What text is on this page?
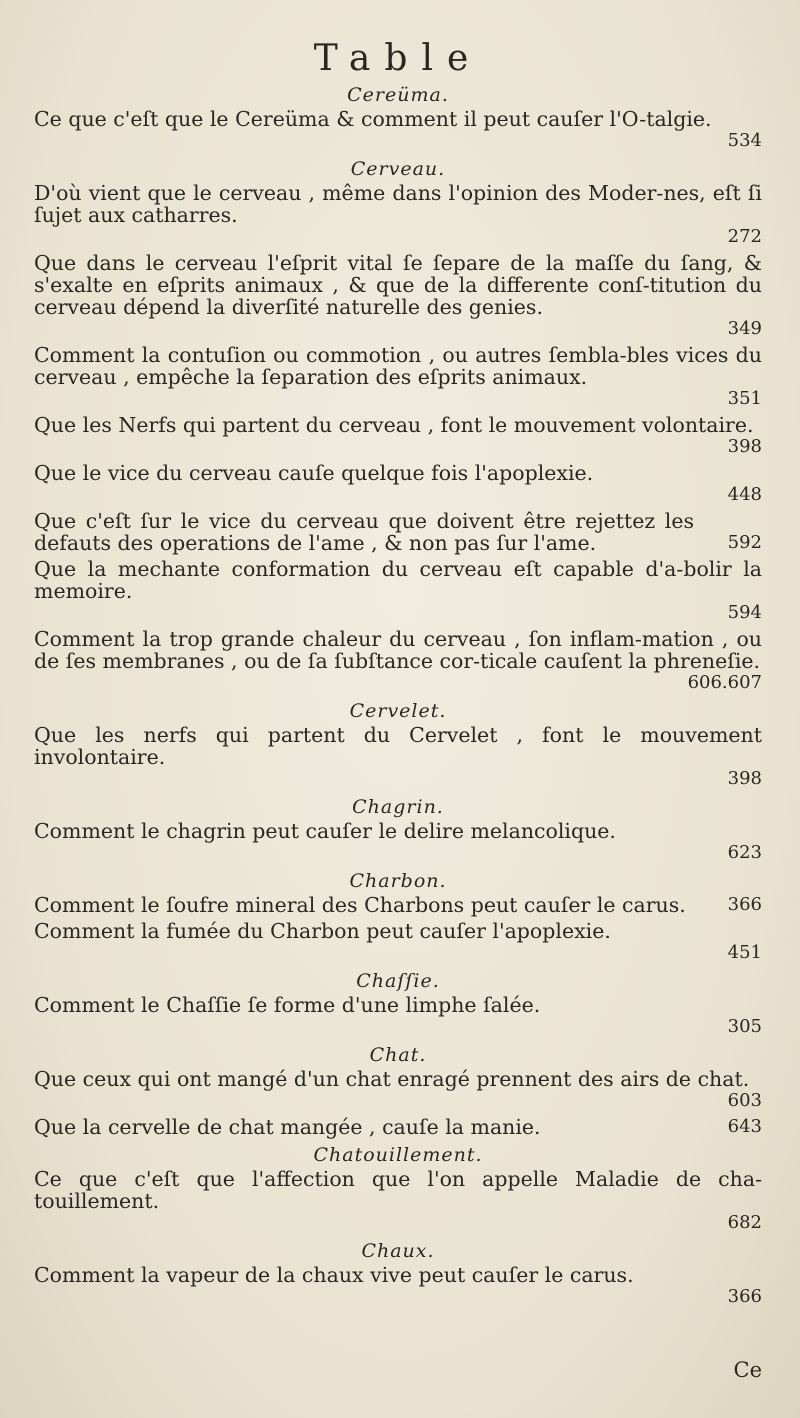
Table
Cereüma.
Ce que c'eſt que le Cereüma & comment il peut cauſer l'O-talgie.
534
Cerveau.
D'où vient que le cerveau , même dans l'opinion des Moder-nes, eſt ſi ſujet aux catharres.
272
Que dans le cerveau l'eſprit vital ſe ſepare de la maſſe du ſang, & s'exalte en eſprits animaux , & que de la differente conſ-titution du cerveau dépend la diverſité naturelle des genies.
349
Comment la contuſion ou commotion , ou autres ſembla-bles vices du cerveau , empêche la ſeparation des eſprits animaux.
351
Que les Nerfs qui partent du cerveau , font le mouvement volontaire.
398
Que le vice du cerveau cauſe quelque fois l'apoplexie.
448
Que c'eſt ſur le vice du cerveau que doivent être rejettez les defauts des operations de l'ame , & non pas ſur l'ame.	592
Que la mechante conformation du cerveau eſt capable d'a-bolir la memoire.
594
Comment la trop grande chaleur du cerveau , ſon inflam-mation , ou de ſes membranes , ou de ſa ſubſtance cor-ticale cauſent la phreneſie.
606.607
Cervelet.
Que les nerfs qui partent du Cervelet , font le mouvement involontaire.
398
Chagrin.
Comment le chagrin peut cauſer le delire melancolique.
623
Charbon.
Comment le ſoufre mineral des Charbons peut cauſer le carus.	366
Comment la fumée du Charbon peut cauſer l'apoplexie.
451
Chaſſie.
Comment le Chaſſie ſe forme d'une limphe ſalée.
305
Chat.
Que ceux qui ont mangé d'un chat enragé prennent des airs de chat.
603
Que la cervelle de chat mangée , cauſe la manie.	643
Chatouillement.
Ce que c'eſt que l'affection que l'on appelle Maladie de cha-touillement.
682
Chaux.
Comment la vapeur de la chaux vive peut cauſer le carus.
366
Ce
